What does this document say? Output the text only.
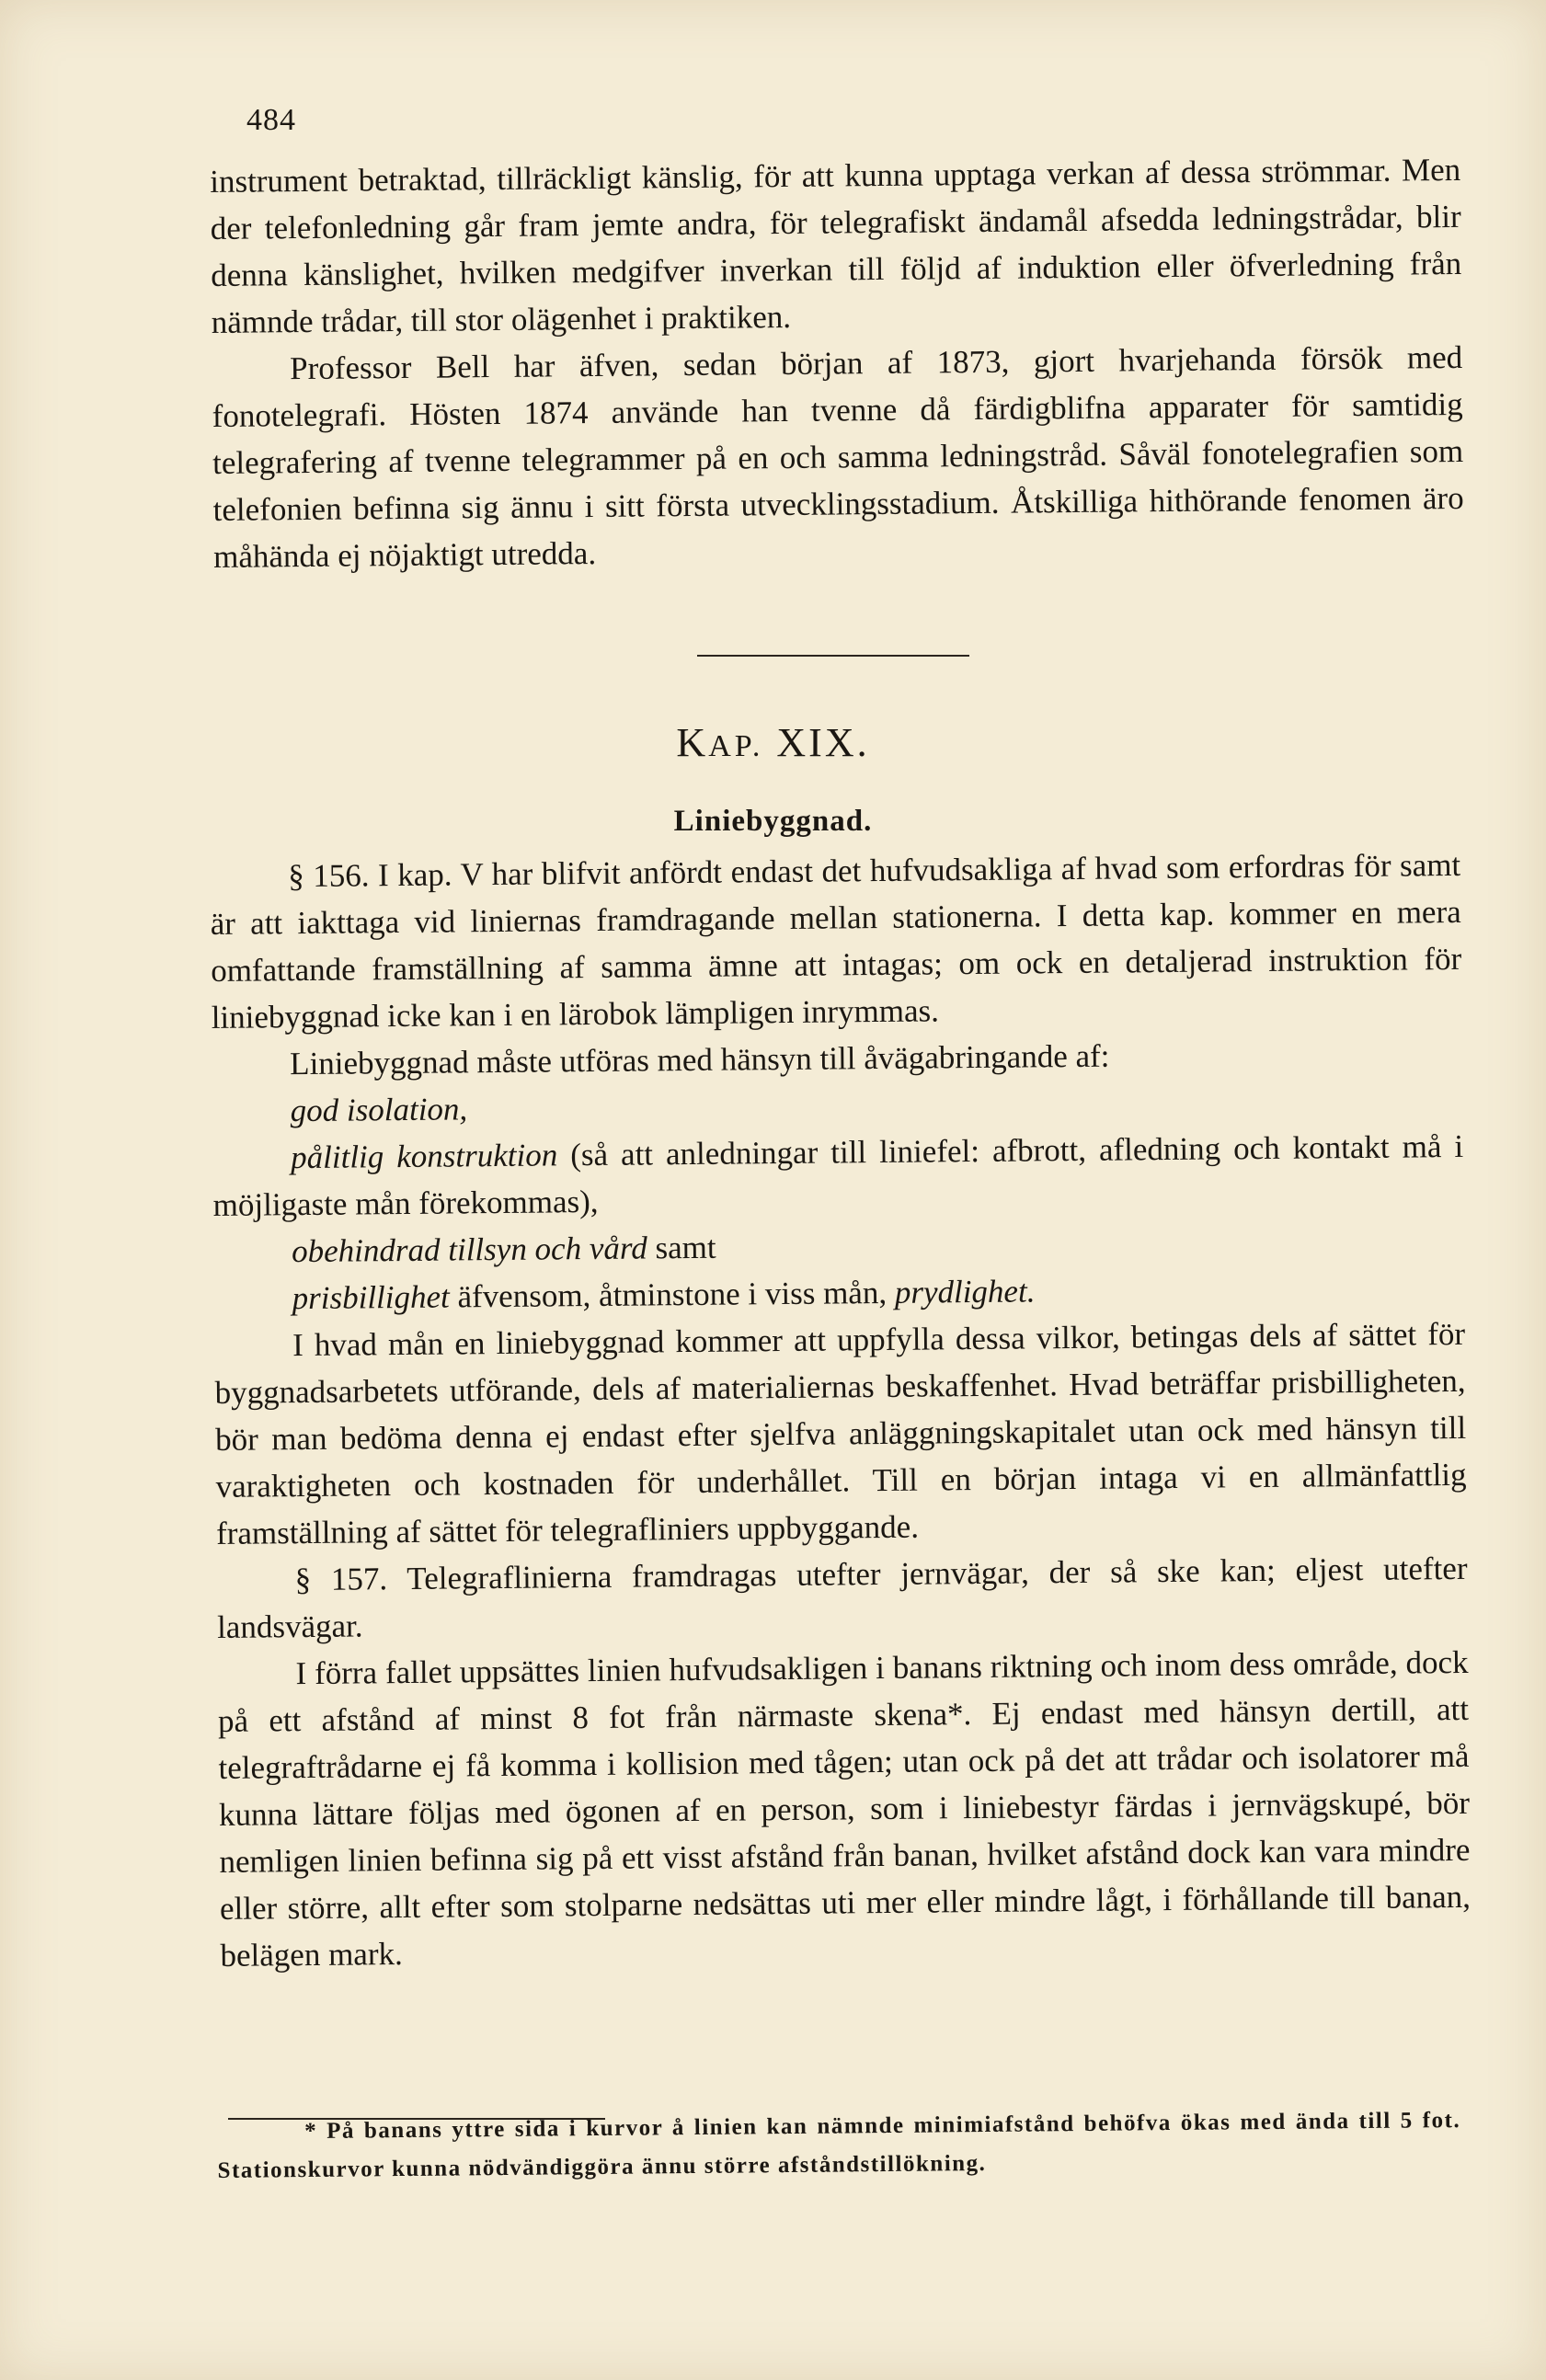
484

instrument betraktad, tillräckligt känslig, för att kunna upptaga verkan af dessa strömmar. Men der telefonledning går fram jemte andra, för telegrafiskt ändamål afsedda ledningstrådar, blir denna känslighet, hvilken medgifver inverkan till följd af induktion eller öfverledning från nämnde trådar, till stor olägenhet i praktiken.

Professor Bell har äfven, sedan början af 1873, gjort hvarjehanda försök med fonotelegrafi. Hösten 1874 använde han tvenne då färdigblifna apparater för samtidig telegrafering af tvenne telegrammer på en och samma ledningstråd. Såväl fonotelegrafien som telefonien befinna sig ännu i sitt första utvecklingsstadium. Åtskilliga hithörande fenomen äro måhända ej nöjaktigt utredda.

KAP. XIX.
Liniebyggnad.

§ 156. I kap. V har blifvit anfördt endast det hufvudsakliga af hvad som erfordras för samt är att iakttaga vid liniernas framdragande mellan stationerna. I detta kap. kommer en mera omfattande framställning af samma ämne att intagas; om ock en detaljerad instruktion för liniebyggnad icke kan i en lärobok lämpligen inrymmas.

Liniebyggnad måste utföras med hänsyn till åvägabringande af:

god isolation,

pålitlig konstruktion (så att anledningar till liniefel: afbrott, afledning och kontakt må i möjligaste mån förekommas),

obehindrad tillsyn och vård samt

prisbillighet äfvensom, åtminstone i viss mån, prydlighet.

I hvad mån en liniebyggnad kommer att uppfylla dessa vilkor, betingas dels af sättet för byggnadsarbetets utförande, dels af materialiernas beskaffenhet. Hvad beträffar prisbilligheten, bör man bedöma denna ej endast efter sjelfva anläggningskapitalet utan ock med hänsyn till varaktigheten och kostnaden för underhållet. Till en början intaga vi en allmänfattlig framställning af sättet för telegrafliniers uppbyggande.

§ 157. Telegraflinierna framdragas utefter jernvägar, der så ske kan; eljest utefter landsvägar.

I förra fallet uppsättes linien hufvudsakligen i banans riktning och inom dess område, dock på ett afstånd af minst 8 fot från närmaste skena*. Ej endast med hänsyn dertill, att telegraftrådarne ej få komma i kollision med tågen; utan ock på det att trådar och isolatorer må kunna lättare följas med ögonen af en person, som i liniebestyr färdas i jernvägskupé, bör nemligen linien befinna sig på ett visst afstånd från banan, hvilket afstånd dock kan vara mindre eller större, allt efter som stolparne nedsättas uti mer eller mindre lågt, i förhållande till banan, belägen mark.

* På banans yttre sida i kurvor å linien kan nämnde minimiafstånd behöfva ökas med ända till 5 fot. Stationskurvor kunna nödvändiggöra ännu större afståndstillökning.
